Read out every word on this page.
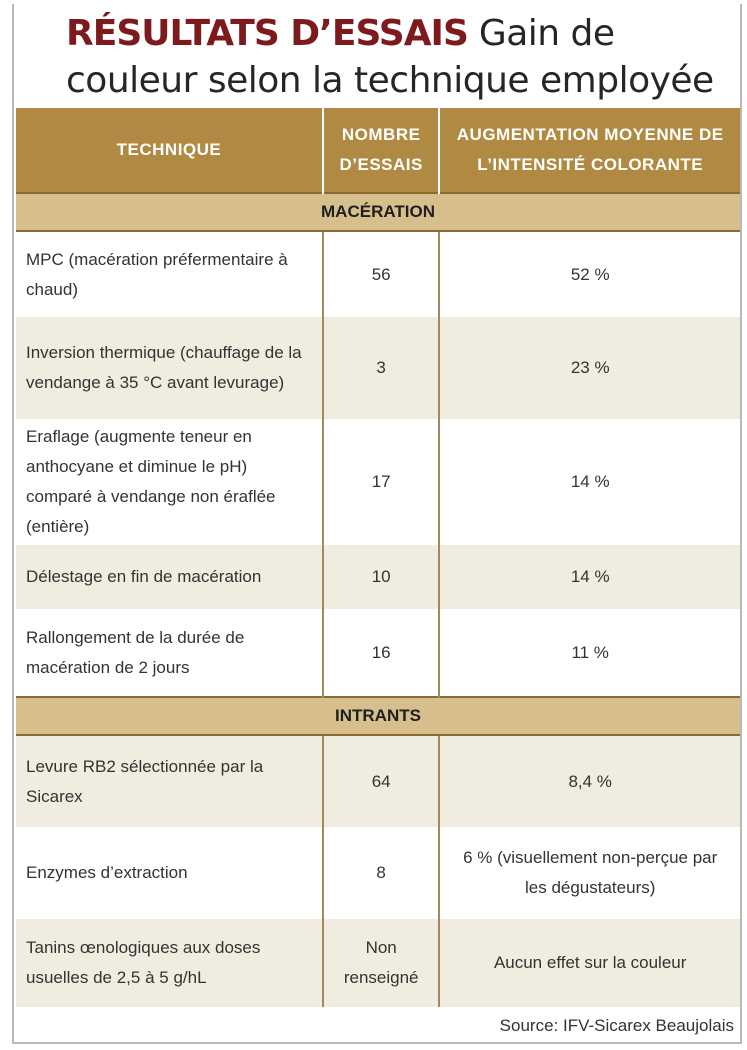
RÉSULTATS D’ESSAIS Gain de couleur selon la technique employée
TECHNIQUE	NOMBRE D’ESSAIS	AUGMENTATION MOYENNE DE L’INTENSITÉ COLORANTE
MACÉRATION		
MPC (macération préfermentaire à chaud)	56	52 %
Inversion thermique (chauffage de la vendange à 35 °C avant levurage)	3	23 %
Eraflage (augmente teneur en anthocyane et diminue le pH) comparé à vendange non éraflée (entière)	17	14 %
Délestage en fin de macération	10	14 %
Rallongement de la durée de macération de 2 jours	16	11 %
INTRANTS		
Levure RB2 sélectionnée par la Sicarex	64	8,4 %
Enzymes d’extraction	8	6 % (visuellement non-perçue par les dégustateurs)
Tanins œnologiques aux doses usuelles de 2,5 à 5 g/hL	Non renseigné	Aucun effet sur la couleur
Source: IFV-Sicarex Beaujolais
